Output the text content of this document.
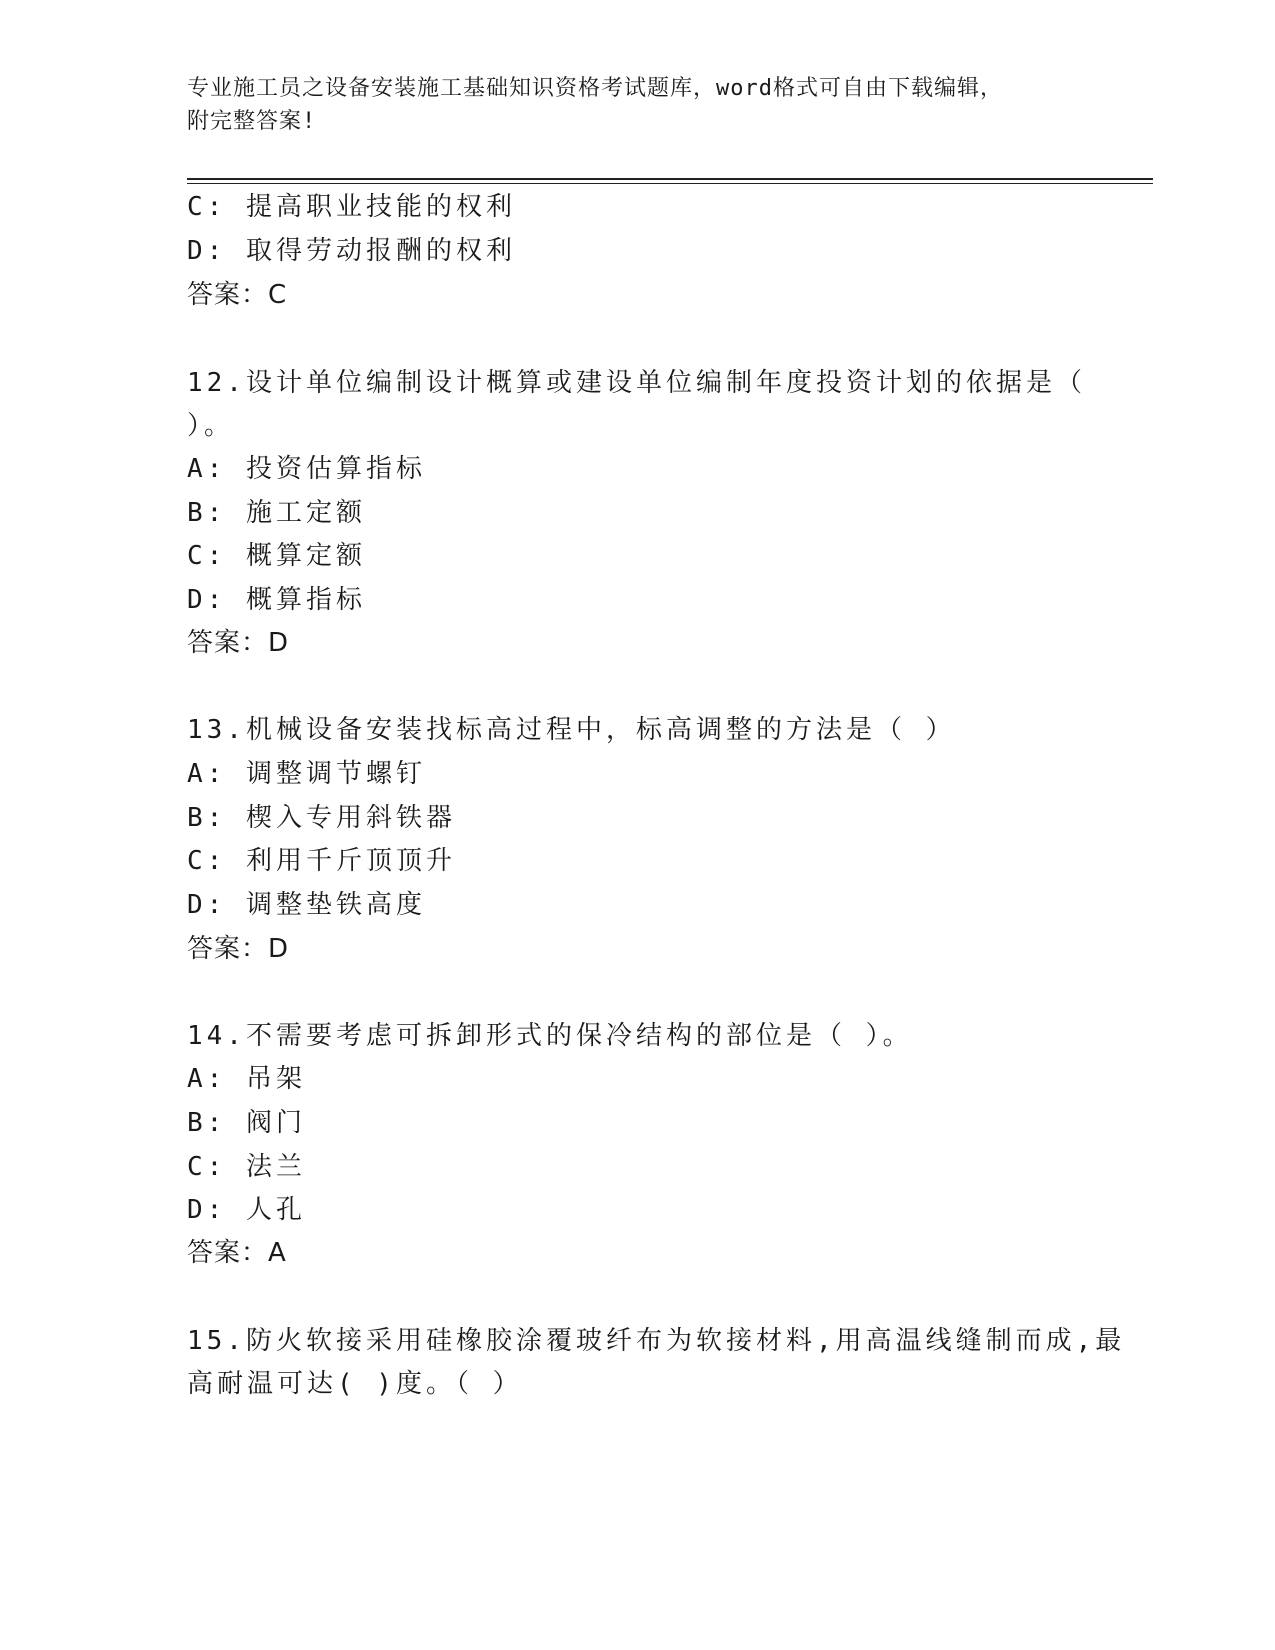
专业施工员之设备安装施工基础知识资格考试题库，word格式可自由下载编辑，
附完整答案!
C: 提高职业技能的权利
D: 取得劳动报酬的权利
答案：C
12.设计单位编制设计概算或建设单位编制年度投资计划的依据是（
）。
A: 投资估算指标
B: 施工定额
C: 概算定额
D: 概算指标
答案：D
13.机械设备安装找标高过程中，标高调整的方法是（ ）
A: 调整调节螺钉
B: 楔入专用斜铁器
C: 利用千斤顶顶升
D: 调整垫铁高度
答案：D
14.不需要考虑可拆卸形式的保冷结构的部位是（ ）。
A: 吊架
B: 阀门
C: 法兰
D: 人孔
答案：A
15.防火软接采用硅橡胶涂覆玻纤布为软接材料,用高温线缝制而成,最
高耐温可达( )度。（ ）
